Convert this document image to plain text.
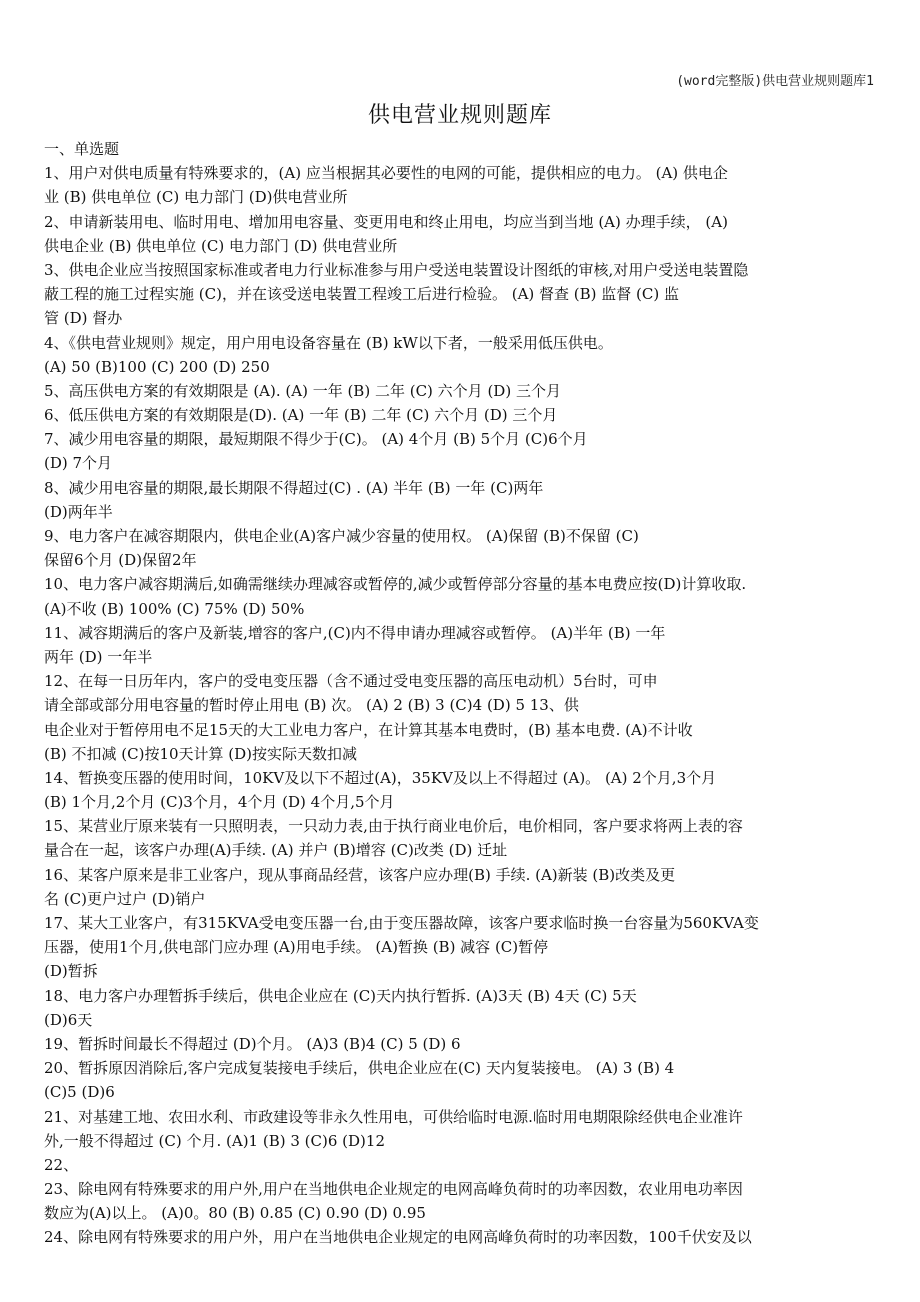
(word完整版)供电营业规则题库1
供电营业规则题库
一、单选题
1、用户对供电质量有特殊要求的，(A) 应当根据其必要性的电网的可能，提供相应的电力。 (A) 供电企
业 (B) 供电单位 (C) 电力部门 (D)供电营业所
2、申请新装用电、临时用电、增加用电容量、变更用电和终止用电，均应当到当地 (A) 办理手续， (A)
供电企业 (B) 供电单位 (C) 电力部门 (D) 供电营业所
3、供电企业应当按照国家标准或者电力行业标准参与用户受送电装置设计图纸的审核,对用户受送电装置隐
蔽工程的施工过程实施 (C)，并在该受送电装置工程竣工后进行检验。 (A) 督查 (B) 监督 (C) 监
管 (D) 督办
4、《供电营业规则》规定，用户用电设备容量在 (B) kW以下者，一般采用低压供电。
(A) 50 (B)100 (C) 200 (D) 250
5、高压供电方案的有效期限是 (A). (A) 一年 (B) 二年 (C) 六个月 (D) 三个月
6、低压供电方案的有效期限是(D). (A) 一年 (B) 二年 (C) 六个月 (D) 三个月
7、减少用电容量的期限，最短期限不得少于(C)。 (A) 4个月 (B) 5个月 (C)6个月
(D) 7个月
8、减少用电容量的期限,最长期限不得超过(C) . (A) 半年 (B) 一年 (C)两年
(D)两年半
9、电力客户在减容期限内，供电企业(A)客户减少容量的使用权。 (A)保留 (B)不保留 (C)
保留6个月 (D)保留2年
10、电力客户减容期满后,如确需继续办理减容或暂停的,减少或暂停部分容量的基本电费应按(D)计算收取.
(A)不收 (B) 100% (C) 75% (D) 50%
11、减容期满后的客户及新装,增容的客户,(C)内不得申请办理减容或暂停。 (A)半年 (B) 一年
两年 (D) 一年半
12、在每一日历年内，客户的受电变压器（含不通过受电变压器的高压电动机）5台时，可申
请全部或部分用电容量的暂时停止用电 (B) 次。 (A) 2 (B) 3 (C)4 (D) 5 13、供
电企业对于暂停用电不足15天的大工业电力客户，在计算其基本电费时，(B) 基本电费. (A)不计收
(B) 不扣减 (C)按10天计算 (D)按实际天数扣减
14、暂换变压器的使用时间，10KV及以下不超过(A)，35KV及以上不得超过 (A)。 (A) 2个月,3个月
(B) 1个月,2个月 (C)3个月，4个月 (D) 4个月,5个月
15、某营业厅原来装有一只照明表，一只动力表,由于执行商业电价后，电价相同，客户要求将两上表的容
量合在一起，该客户办理(A)手续. (A) 并户 (B)增容 (C)改类 (D) 迁址
16、某客户原来是非工业客户，现从事商品经营，该客户应办理(B) 手续. (A)新装 (B)改类及更
名 (C)更户过户 (D)销户
17、某大工业客户，有315KVA受电变压器一台,由于变压器故障，该客户要求临时换一台容量为560KVA变
压器，使用1个月,供电部门应办理 (A)用电手续。 (A)暂换 (B) 减容 (C)暂停
(D)暂拆
18、电力客户办理暂拆手续后，供电企业应在 (C)天内执行暂拆. (A)3天 (B) 4天 (C) 5天
(D)6天
19、暂拆时间最长不得超过 (D)个月。 (A)3 (B)4 (C) 5 (D) 6
20、暂拆原因消除后,客户完成复装接电手续后，供电企业应在(C) 天内复装接电。 (A) 3 (B) 4
(C)5 (D)6
21、对基建工地、农田水利、市政建设等非永久性用电，可供给临时电源.临时用电期限除经供电企业准许
外,一般不得超过 (C) 个月. (A)1 (B) 3 (C)6 (D)12
22、
23、除电网有特殊要求的用户外,用户在当地供电企业规定的电网高峰负荷时的功率因数，农业用电功率因
数应为(A)以上。 (A)0。80 (B) 0.85 (C) 0.90 (D) 0.95
24、除电网有特殊要求的用户外，用户在当地供电企业规定的电网高峰负荷时的功率因数，100千伏安及以
